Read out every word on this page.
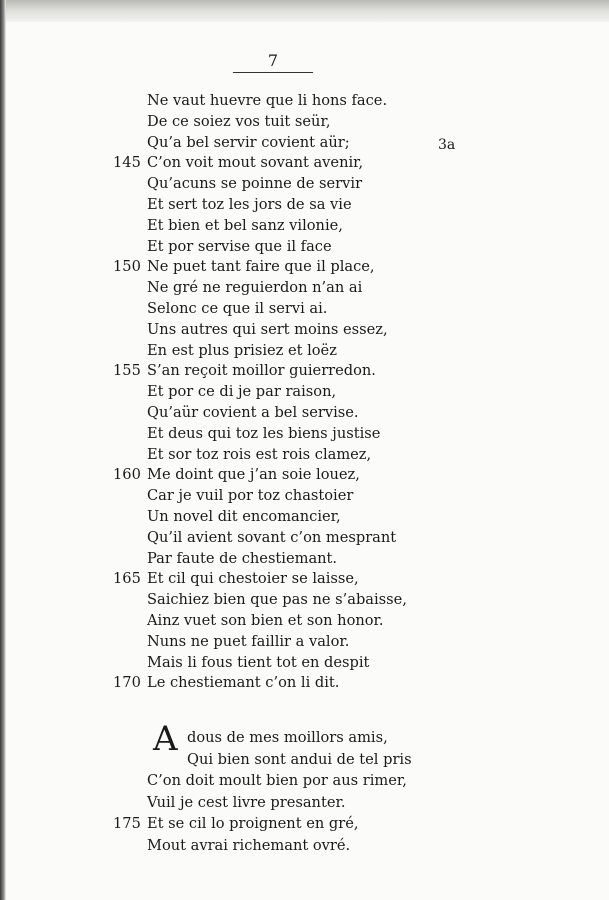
7
3a
Ne vaut huevre que li hons face.
De ce soiez vos tuit seür,
Qu’a bel servir covient aür;
145 C’on voit mout sovant avenir,
Qu’acuns se poinne de servir
Et sert toz les jors de sa vie
Et bien et bel sanz vilonie,
Et por servise que il face
150 Ne puet tant faire que il place,
Ne gré ne reguierdon n’an ai
Selonc ce que il servi ai.
Uns autres qui sert moins essez,
En est plus prisiez et loëz
155 S’an reçoit moillor guierredon.
Et por ce di je par raison,
Qu’aür covient a bel servise.
Et deus qui toz les biens justise
Et sor toz rois est rois clamez,
160 Me doint que j’an soie louez,
Car je vuil por toz chastoier
Un novel dit encomancier,
Qu’il avient sovant c’on mesprant
Par faute de chestiemant.
165 Et cil qui chestoier se laisse,
Saichiez bien que pas ne s’abaisse,
Ainz vuet son bien et son honor.
Nuns ne puet faillir a valor.
Mais li fous tient tot en despit
170 Le chestiemant c’on li dit.
A dous de mes moillors amis,
Qui bien sont andui de tel pris
C’on doit moult bien por aus rimer,
Vuil je cest livre presanter.
175 Et se cil lo proignent en gré,
Mout avrai richemant ovré.
